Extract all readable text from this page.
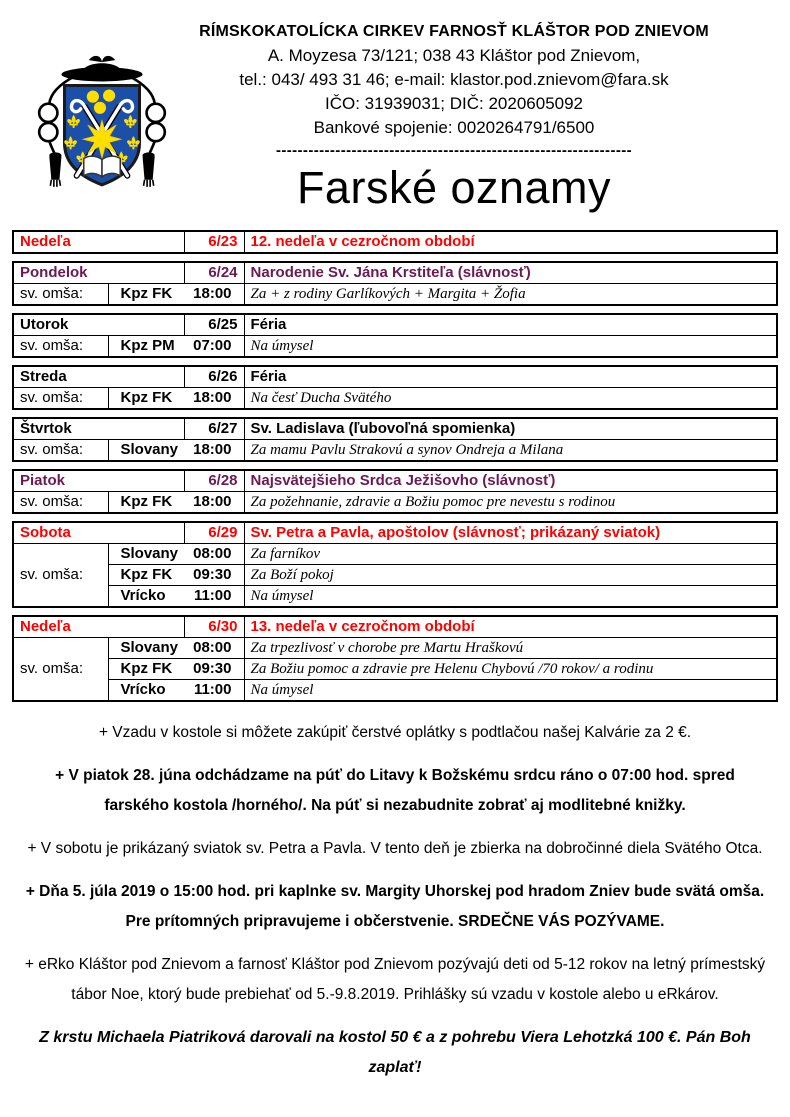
RÍMSKOKATOLÍCKA CIRKEV FARNOSŤ KLÁŠTOR POD ZNIEVOM
A. Moyzesa 73/121; 038 43 Kláštor pod Znievom,
tel.: 043/ 493 31 46; e-mail: klastor.pod.znievom@fara.sk
IČO: 31939031; DIČ: 2020605092
Bankové spojenie: 0020264791/6500
------------------------------------------------------------------
Farské oznamy
Nedeľa	6/23	12. nedeľa v cezročnom období
Pondelok		6/24	Narodenie Sv. Jána Krstiteľa (slávnosť)
sv. omša:	Kpz FK 18:00		Za + z rodiny Garlíkových + Margita + Žofia
Utorok		6/25	Féria
sv. omša:	Kpz PM 07:00		Na úmysel
Streda		6/26	Féria
sv. omša:	Kpz FK 18:00		Na česť Ducha Svätého
Štvrtok		6/27	Sv. Ladislava (ľubovoľná spomienka)
sv. omša:	Slovany 18:00		Za mamu Pavlu Strakovú a synov Ondreja a Milana
Piatok		6/28	Najsvätejšieho Srdca Ježišovho (slávnosť)
sv. omša:	Kpz FK 18:00		Za požehnanie, zdravie a Božiu pomoc pre nevestu s rodinou
Sobota		6/29	Sv. Petra a Pavla, apoštolov (slávnosť; prikázaný sviatok)
sv. omša:	Slovany 08:00		Za farníkov

	Kpz FK 09:30		Za Boží pokoj

	Vrícko 11:00		Na úmysel
Nedeľa		6/30	13. nedeľa v cezročnom období
sv. omša:	Slovany 08:00		Za trpezlivosť v chorobe pre Martu Hraškovú

	Kpz FK 09:30		Za Božiu pomoc a zdravie pre Helenu Chybovú /70 rokov/ a rodinu

	Vrícko 11:00		Na úmysel

+ Vzadu v kostole si môžete zakúpiť čerstvé oplátky s podtlačou našej Kalvárie za 2 €.

+ V piatok 28. júna odchádzame na púť do Litavy k Božskému srdcu ráno o 07:00 hod. spred farského kostola /horného/. Na púť si nezabudnite zobrať aj modlitebné knižky.

+ V sobotu je prikázaný sviatok sv. Petra a Pavla. V tento deň je zbierka na dobročinné diela Svätého Otca.

+ Dňa 5. júla 2019 o 15:00 hod. pri kaplnke sv. Margity Uhorskej pod hradom Zniev bude svätá omša. Pre prítomných pripravujeme i občerstvenie. SRDEČNE VÁS POZÝVAME.

+ eRko Kláštor pod Znievom a farnosť Kláštor pod Znievom pozývajú deti od 5-12 rokov na letný prímestský tábor Noe, ktorý bude prebiehať od 5.-9.8.2019. Prihlášky sú vzadu v kostole alebo u eRkárov.

Z krstu Michaela Piatriková darovali na kostol 50 € a z pohrebu Viera Lehotzká 100 €. Pán Boh zaplať!
